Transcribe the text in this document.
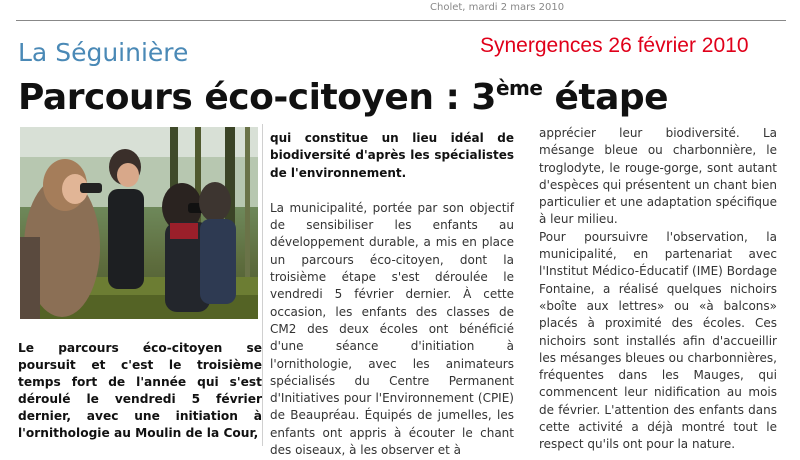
Cholet, mardi 2 mars 2010
La Séguinière	Synergences 26 février 2010
Parcours éco-citoyen : 3ème étape
Le parcours éco-citoyen se poursuit et c'est le troisième temps fort de l'année qui s'est déroulé le vendredi 5 février dernier, avec une initiation à l'ornithologie au Moulin de la Cour,

qui constitue un lieu idéal de biodiversité d'après les spécialistes de l'environnement.

La municipalité, portée par son objectif de sensibiliser les enfants au développement durable, a mis en place un parcours éco-citoyen, dont la troisième étape s'est déroulée le vendredi 5 février dernier. À cette occasion, les enfants des classes de CM2 des deux écoles ont bénéficié d'une séance d'initiation à l'ornithologie, avec les animateurs spécialisés du Centre Permanent d'Initiatives pour l'Environnement (CPIE) de Beaupréau. Équipés de jumelles, les enfants ont appris à écouter le chant des oiseaux, à les observer et à

apprécier leur biodiversité. La mésange bleue ou charbonnière, le troglodyte, le rouge-gorge, sont autant d'espèces qui présentent un chant bien particulier et une adaptation spécifique à leur milieu.

Pour poursuivre l'observation, la municipalité, en partenariat avec l'Institut Médico-Éducatif (IME) Bordage Fontaine, a réalisé quelques nichoirs «boîte aux lettres» ou «à balcons» placés à proximité des écoles. Ces nichoirs sont installés afin d'accueillir les mésanges bleues ou charbonnières, fréquentes dans les Mauges, qui commencent leur nidification au mois de février. L'attention des enfants dans cette activité a déjà montré tout le respect qu'ils ont pour la nature.
